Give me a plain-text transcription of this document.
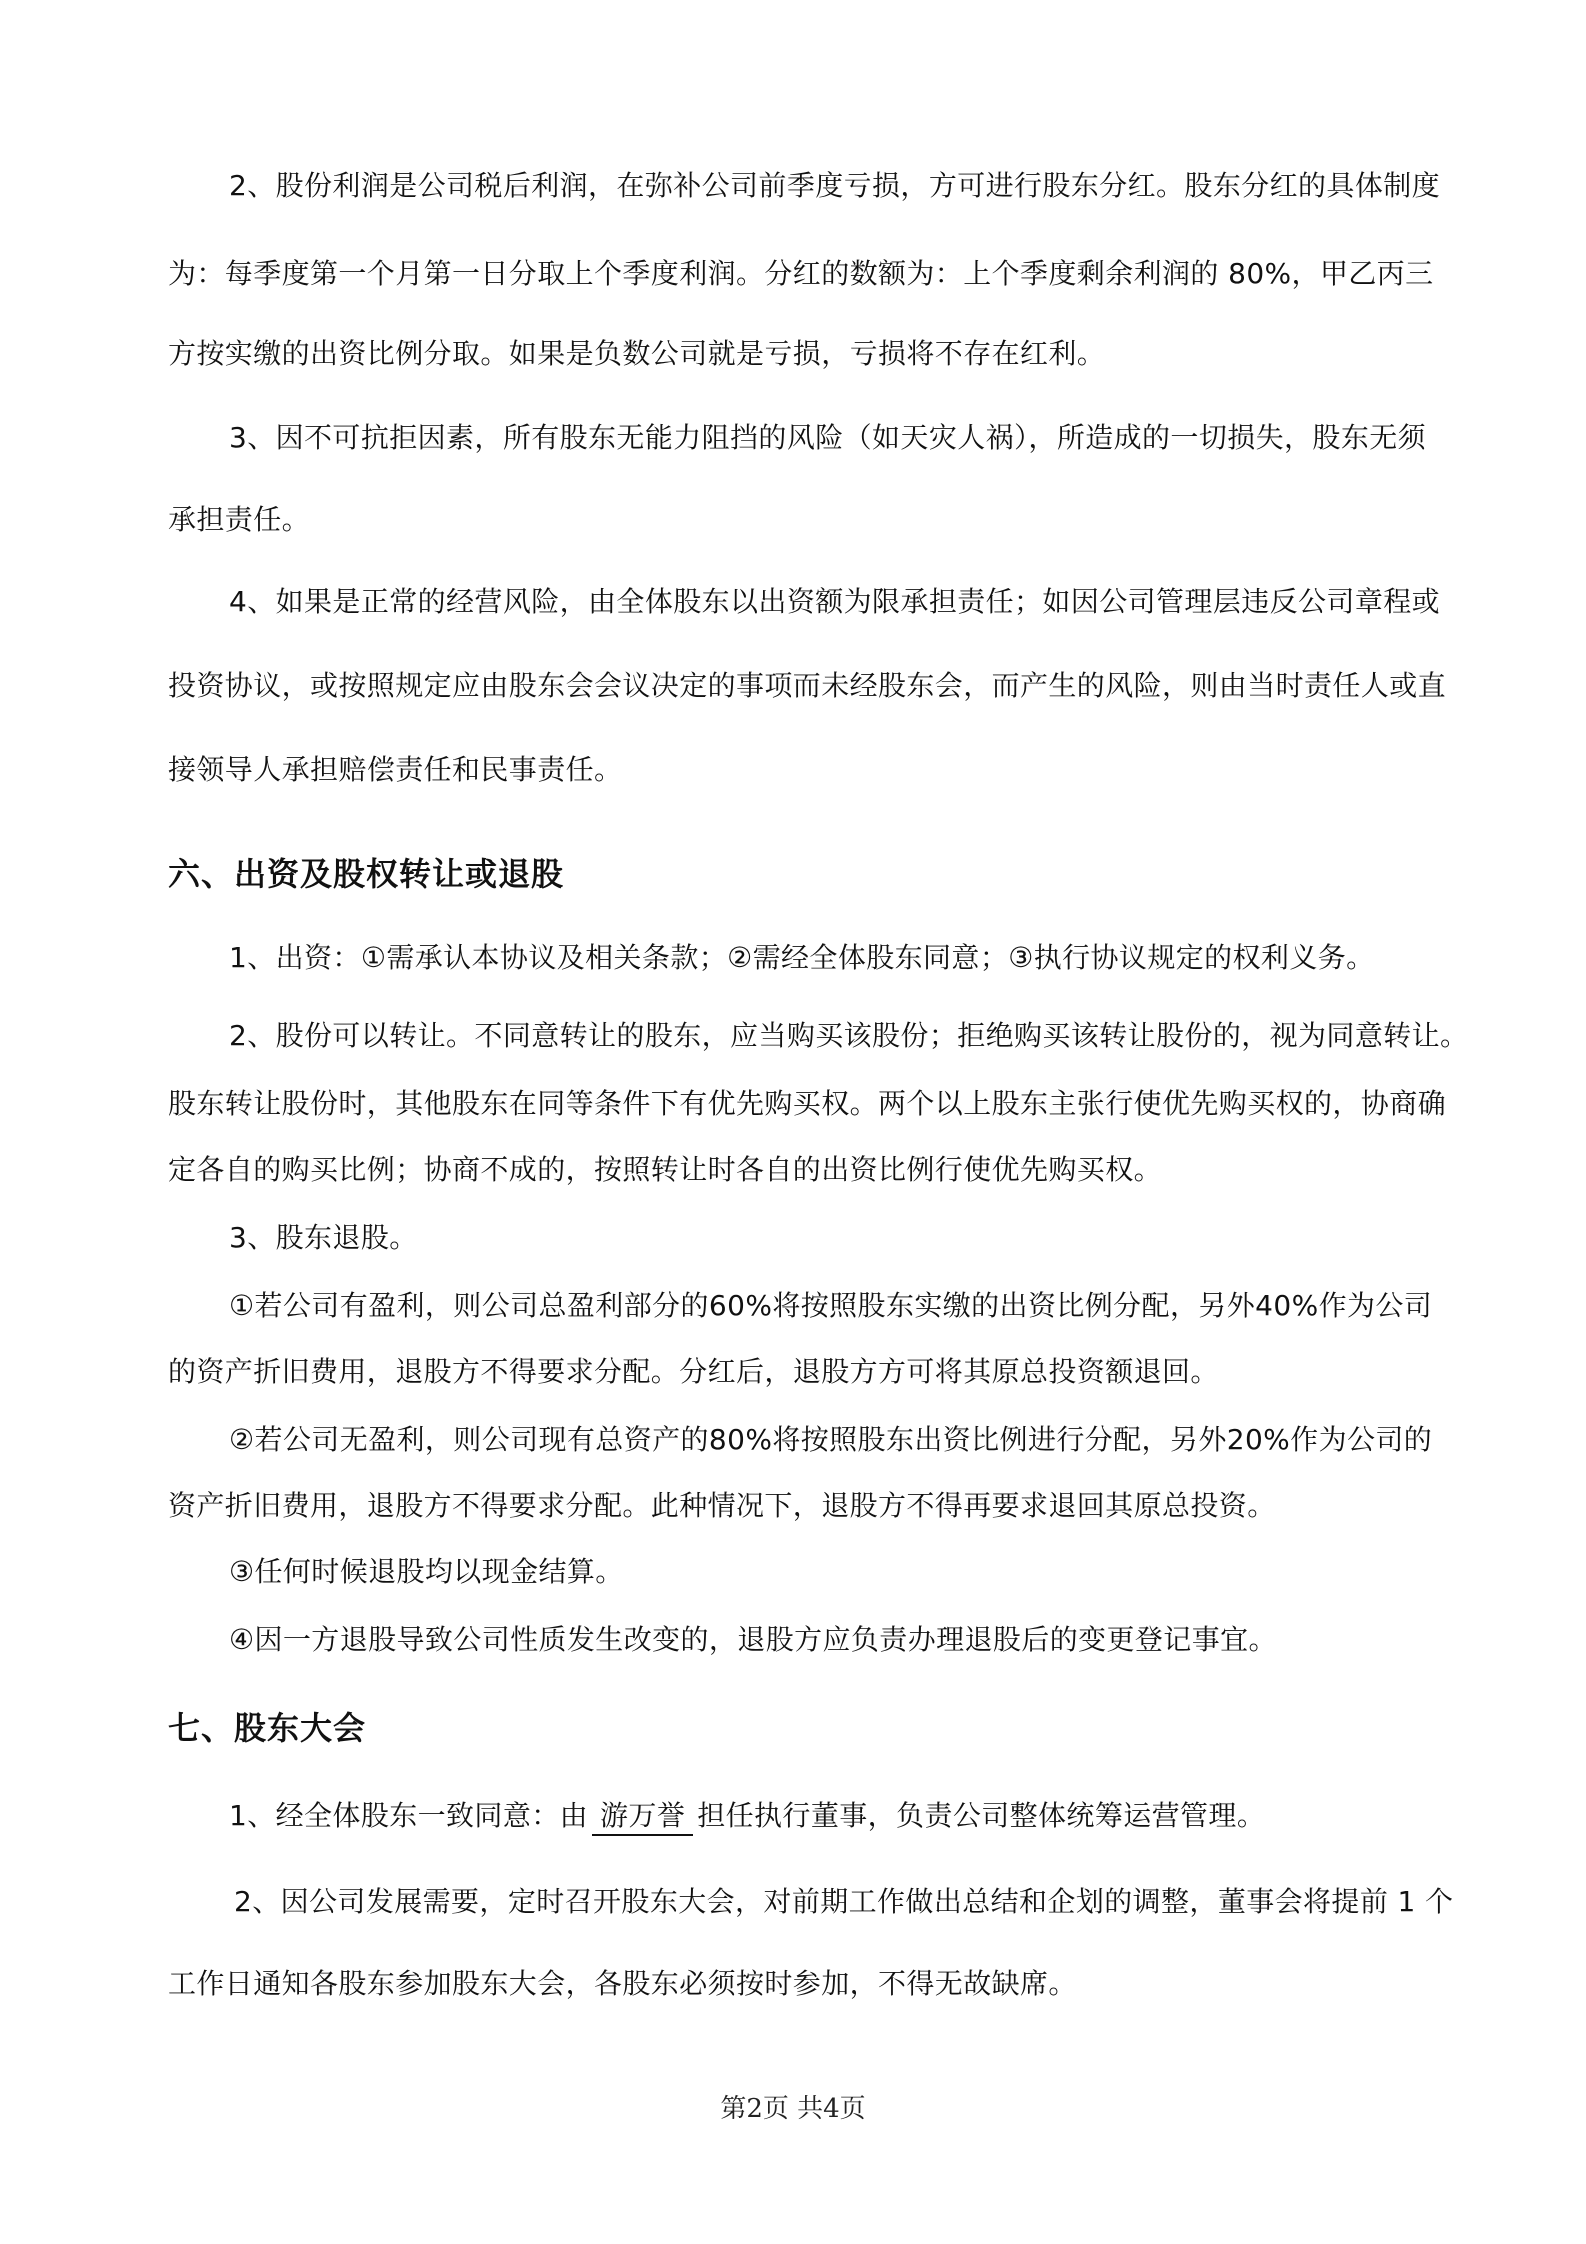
2、股份利润是公司税后利润，在弥补公司前季度亏损，方可进行股东分红。股东分红的具体制度
为：每季度第一个月第一日分取上个季度利润。分红的数额为：上个季度剩余利润的 80%，甲乙丙三
方按实缴的出资比例分取。如果是负数公司就是亏损，亏损将不存在红利。
3、因不可抗拒因素，所有股东无能力阻挡的风险（如天灾人祸），所造成的一切损失，股东无须
承担责任。
4、如果是正常的经营风险，由全体股东以出资额为限承担责任；如因公司管理层违反公司章程或
投资协议，或按照规定应由股东会会议决定的事项而未经股东会，而产生的风险，则由当时责任人或直
接领导人承担赔偿责任和民事责任。
六、出资及股权转让或退股
1、出资：①需承认本协议及相关条款；②需经全体股东同意；③执行协议规定的权利义务。
2、股份可以转让。不同意转让的股东，应当购买该股份；拒绝购买该转让股份的，视为同意转让。
股东转让股份时，其他股东在同等条件下有优先购买权。两个以上股东主张行使优先购买权的，协商确
定各自的购买比例；协商不成的，按照转让时各自的出资比例行使优先购买权。
3、股东退股。
①若公司有盈利，则公司总盈利部分的60%将按照股东实缴的出资比例分配，另外40%作为公司
的资产折旧费用，退股方不得要求分配。分红后，退股方方可将其原总投资额退回。
②若公司无盈利，则公司现有总资产的80%将按照股东出资比例进行分配，另外20%作为公司的
资产折旧费用，退股方不得要求分配。此种情况下，退股方不得再要求退回其原总投资。
③任何时候退股均以现金结算。
④因一方退股导致公司性质发生改变的，退股方应负责办理退股后的变更登记事宜。
七、股东大会
1、经全体股东一致同意：由 游万誉 担任执行董事，负责公司整体统筹运营管理。
2、因公司发展需要，定时召开股东大会，对前期工作做出总结和企划的调整，董事会将提前 1 个
工作日通知各股东参加股东大会，各股东必须按时参加，不得无故缺席。
第2页 共4页
